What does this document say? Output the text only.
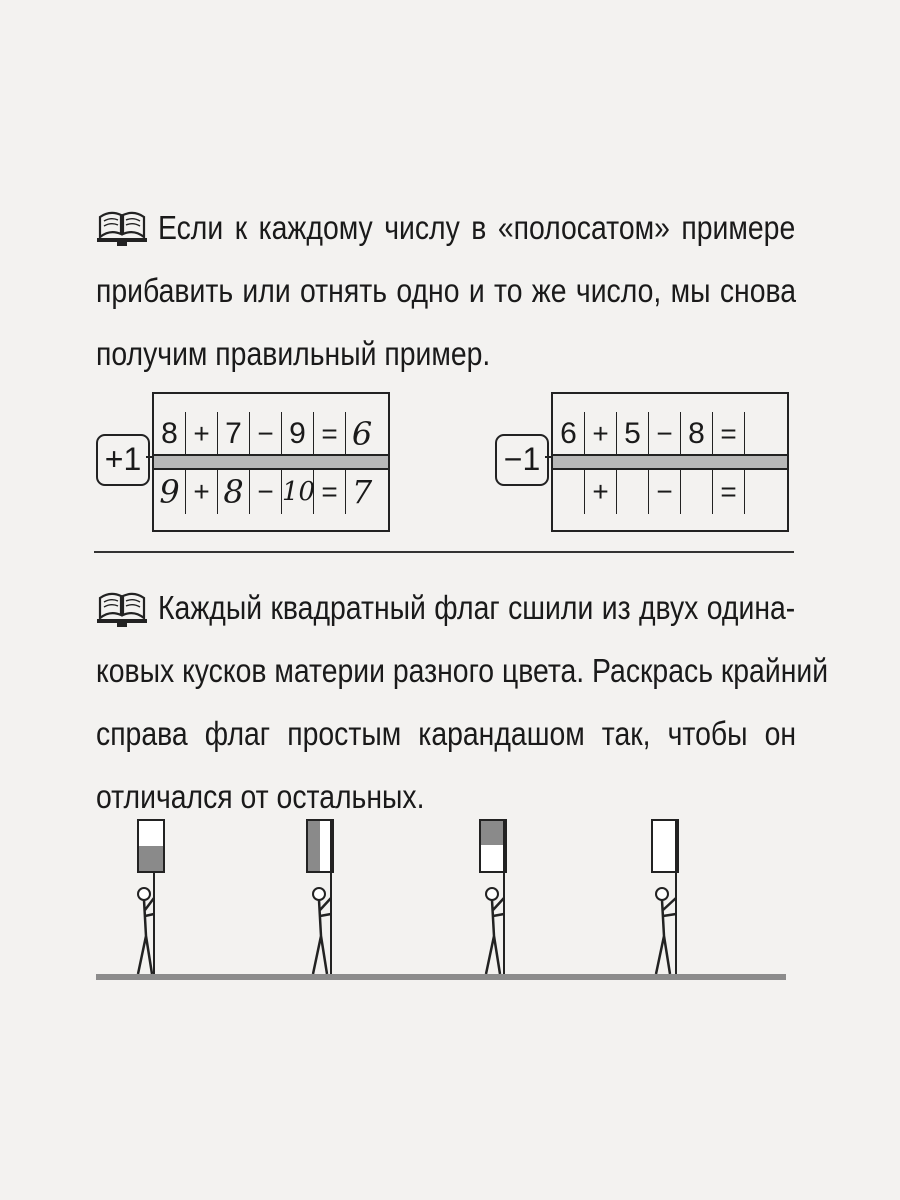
Если к каждому числу в «полосатом» примере
прибавить или отнять одно и то же число, мы снова
получим правильный пример.
+1
8 + 7 − 9 = 6
9 + 8 − 10 = 7
−1
6 + 5 − 8 =
+ − =
Каждый квадратный флаг сшили из двух одина-
ковых кусков материи разного цвета. Раскрась крайний
справа флаг простым карандашом так, чтобы он
отличался от остальных.
